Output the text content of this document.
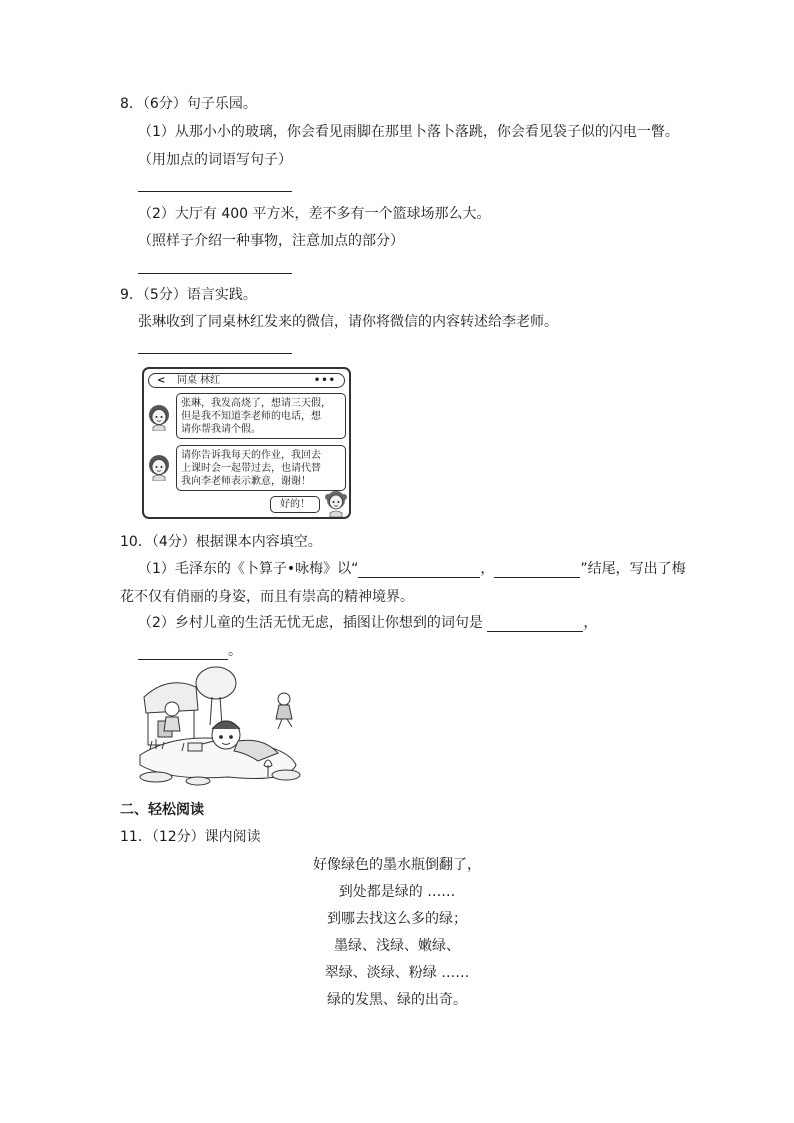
8．（6分）句子乐园。
（1）从那小小的玻璃，你会看见雨脚在那里卜落卜落跳，你会看见袋子似的闪电一瞥。
（用加点的词语写句子）
（2）大厅有 400 平方米，差不多有一个篮球场那么大。
（照样子介绍一种事物，注意加点的部分）
9．（5分）语言实践。
张琳收到了同桌林红发来的微信，请你将微信的内容转述给李老师。
< 同桌 林红	•••
张琳，我发高烧了，想请三天假，
但是我不知道李老师的电话，想
请你帮我请个假。
请你告诉我每天的作业，我回去
上课时会一起带过去，也请代替
我向李老师表示歉意，谢谢！
好的！
10．（4分）根据课本内容填空。
（1）毛泽东的《卜算子•咏梅》以“	，	”结尾，写出了梅
花不仅有俏丽的身姿，而且有崇高的精神境界。
（2）乡村儿童的生活无忧无虑，插图让你想到的词句是	，
。
二、轻松阅读
11．（12分）课内阅读
好像绿色的墨水瓶倒翻了，
到处都是绿的 ……
到哪去找这么多的绿；
墨绿、浅绿、嫩绿、
翠绿、淡绿、粉绿 ……
绿的发黑、绿的出奇。
